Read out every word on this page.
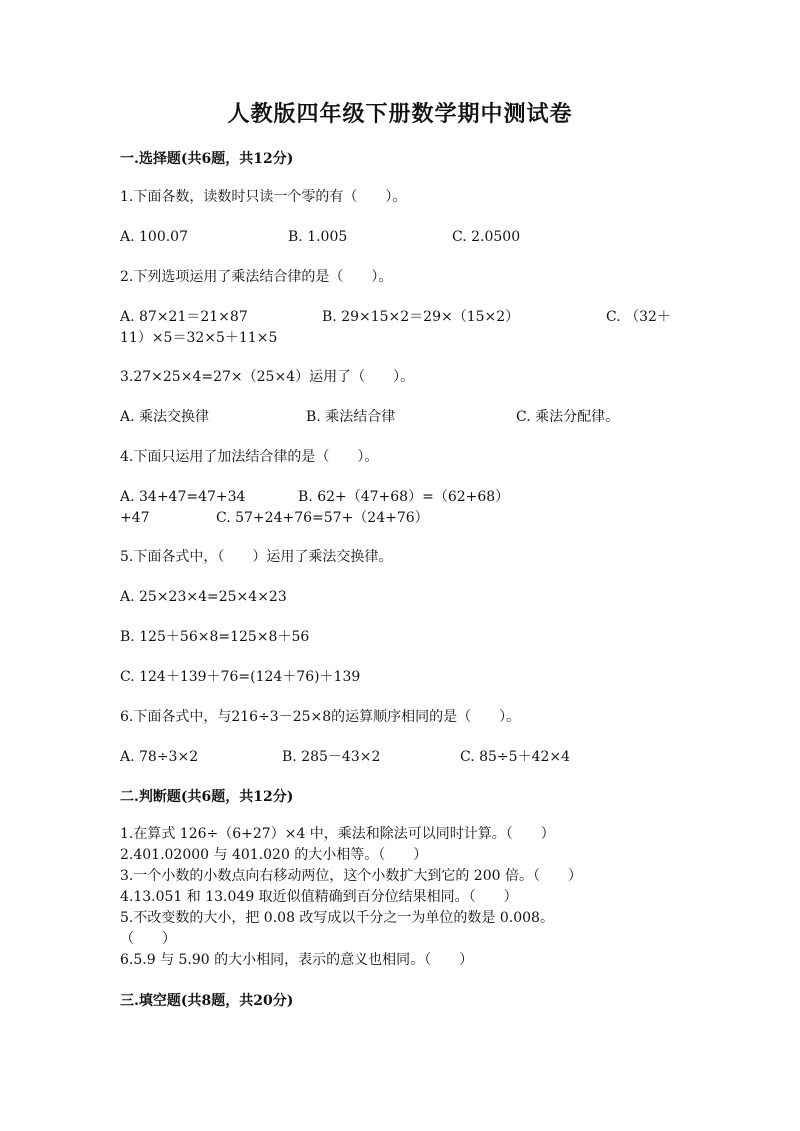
人教版四年级下册数学期中测试卷
一.选择题(共6题，共12分)
1.下面各数，读数时只读一个零的有（　　）。
A. 100.07	B. 1.005	C. 2.0500
2.下列选项运用了乘法结合律的是（　　）。
A. 87×21＝21×87	B. 29×15×2＝29×（15×2）	C. （32＋
11）×5＝32×5＋11×5
3.27×25×4=27×（25×4）运用了（　　）。
A. 乘法交换律	B. 乘法结合律	C. 乘法分配律。
4.下面只运用了加法结合律的是（　　）。
A. 34+47=47+34	B. 62+（47+68）=（62+68）
+47	C. 57+24+76=57+（24+76）
5.下面各式中，（　　）运用了乘法交换律。
A. 25×23×4=25×4×23
B. 125＋56×8=125×8＋56
C. 124＋139＋76=(124＋76)＋139
6.下面各式中，与216÷3－25×8的运算顺序相同的是（　　）。
A. 78÷3×2	B. 285－43×2	C. 85÷5＋42×4
二.判断题(共6题，共12分)
1.在算式 126÷（6+27）×4 中，乘法和除法可以同时计算。（　　）
2.401.02000 与 401.020 的大小相等。（　　）
3.一个小数的小数点向右移动两位，这个小数扩大到它的 200 倍。（　　）
4.13.051 和 13.049 取近似值精确到百分位结果相同。（　　）
5.不改变数的大小，把 0.08 改写成以千分之一为单位的数是 0.008。
（　　）
6.5.9 与 5.90 的大小相同，表示的意义也相同。（　　）
三.填空题(共8题，共20分)
